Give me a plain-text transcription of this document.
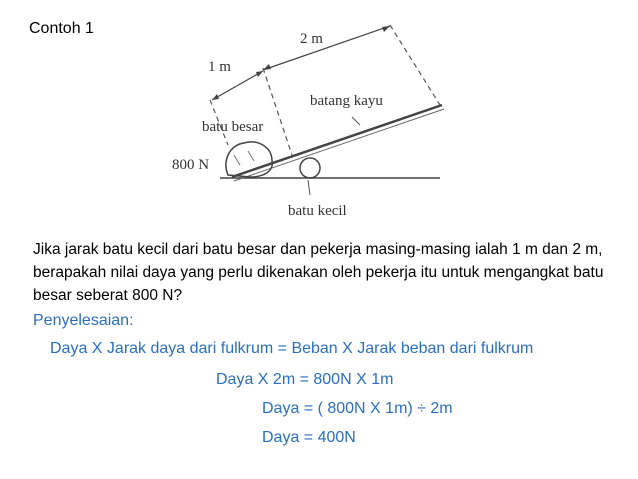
Contoh 1
2 m
1 m
batang kayu
batu besar
800 N
batu kecil
Jika jarak batu kecil dari batu besar dan pekerja masing-masing ialah 1 m dan 2 m, berapakah nilai daya yang perlu dikenakan oleh pekerja itu untuk mengangkat batu besar seberat 800 N?
Penyelesaian:
Daya X Jarak daya dari fulkrum = Beban X Jarak beban dari fulkrum
Daya X 2m = 800N X 1m
Daya = ( 800N X 1m) ÷ 2m
Daya = 400N
